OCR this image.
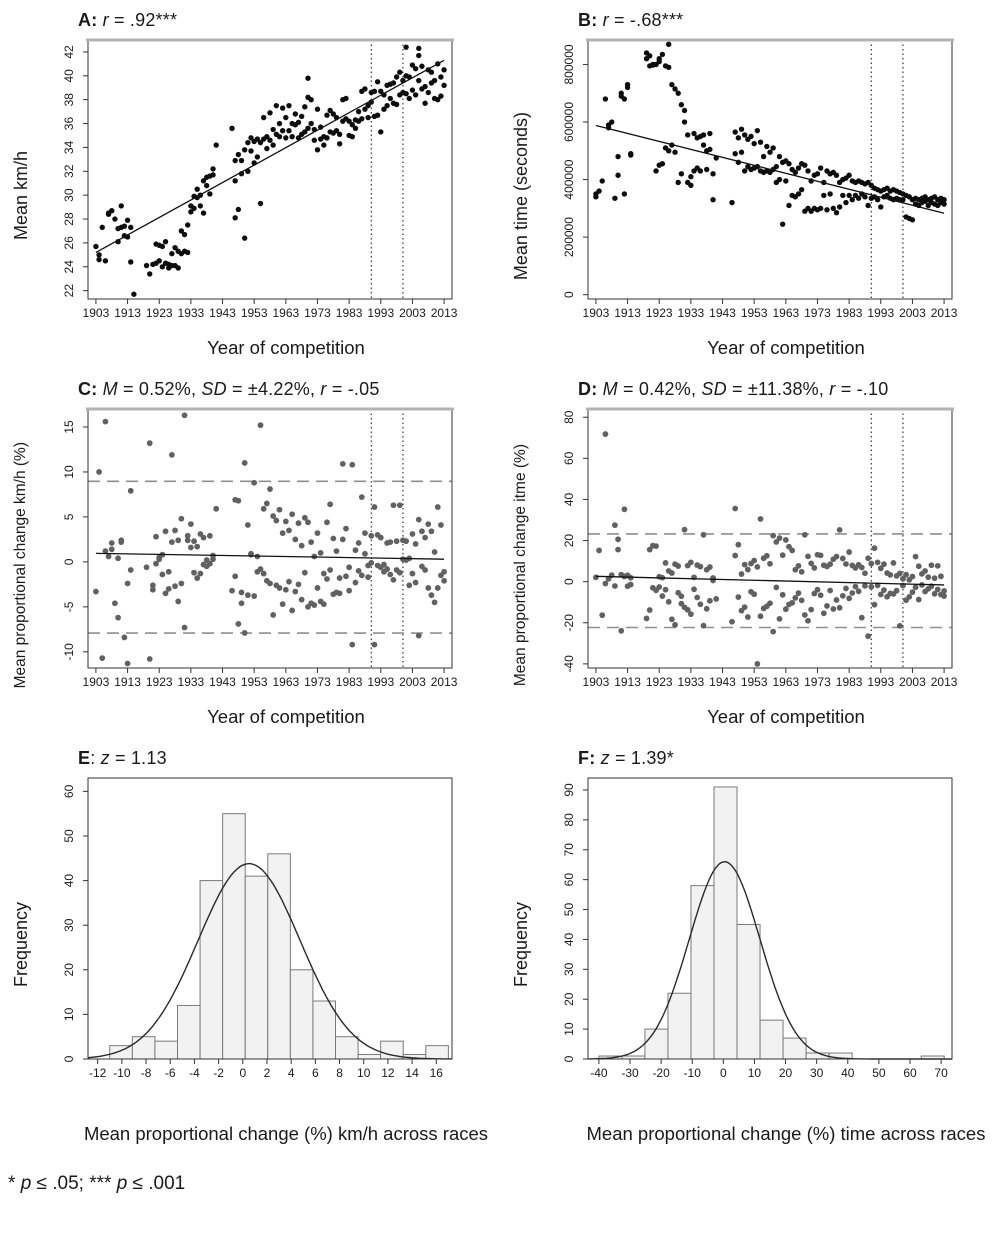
A: r = .92***
Mean km/h
1903 1913 1923 1933 1943 1953 1963 1973 1983 1993 2003 2013
22
24
26
28
30
32
34
36
38
40
42
Year of competition
B: r = -.68***
Mean time (seconds)
1903 1913 1923 1933 1943 1953 1963 1973 1983 1993 2003 2013
0
200000
400000
600000
800000
Year of competition
C: M = 0.52%, SD = ±4.22%, r = -.05
Mean proportional change km/h (%)	1903 1913 1923 1933 1943 1953 1963 1973 1983 1993 2003 2013
-10
-5
0
5
10
15
Year of competition
D: M = 0.42%, SD = ±11.38%, r = -.10
Mean proportional change itme (%)	1903 1913 1923 1933 1943 1953 1963 1973 1983 1993 2003 2013
-40
-20
0
20
40
60
80
Year of competition
E: z = 1.13
Frequency
-12 -10 -8 -6 -4 -2 0 2 4 6 8 10 12 14 16
0
10
20
30
40
50
60
Mean proportional change (%) km/h across races
F: z = 1.39*
Frequency
-40 -30 -20 -10 0 10 20 30 40 50 60 70
0
10
20
30
40
50
60
70
80
90
Mean proportional change (%) time across races
* p ≤ .05; *** p ≤ .001
